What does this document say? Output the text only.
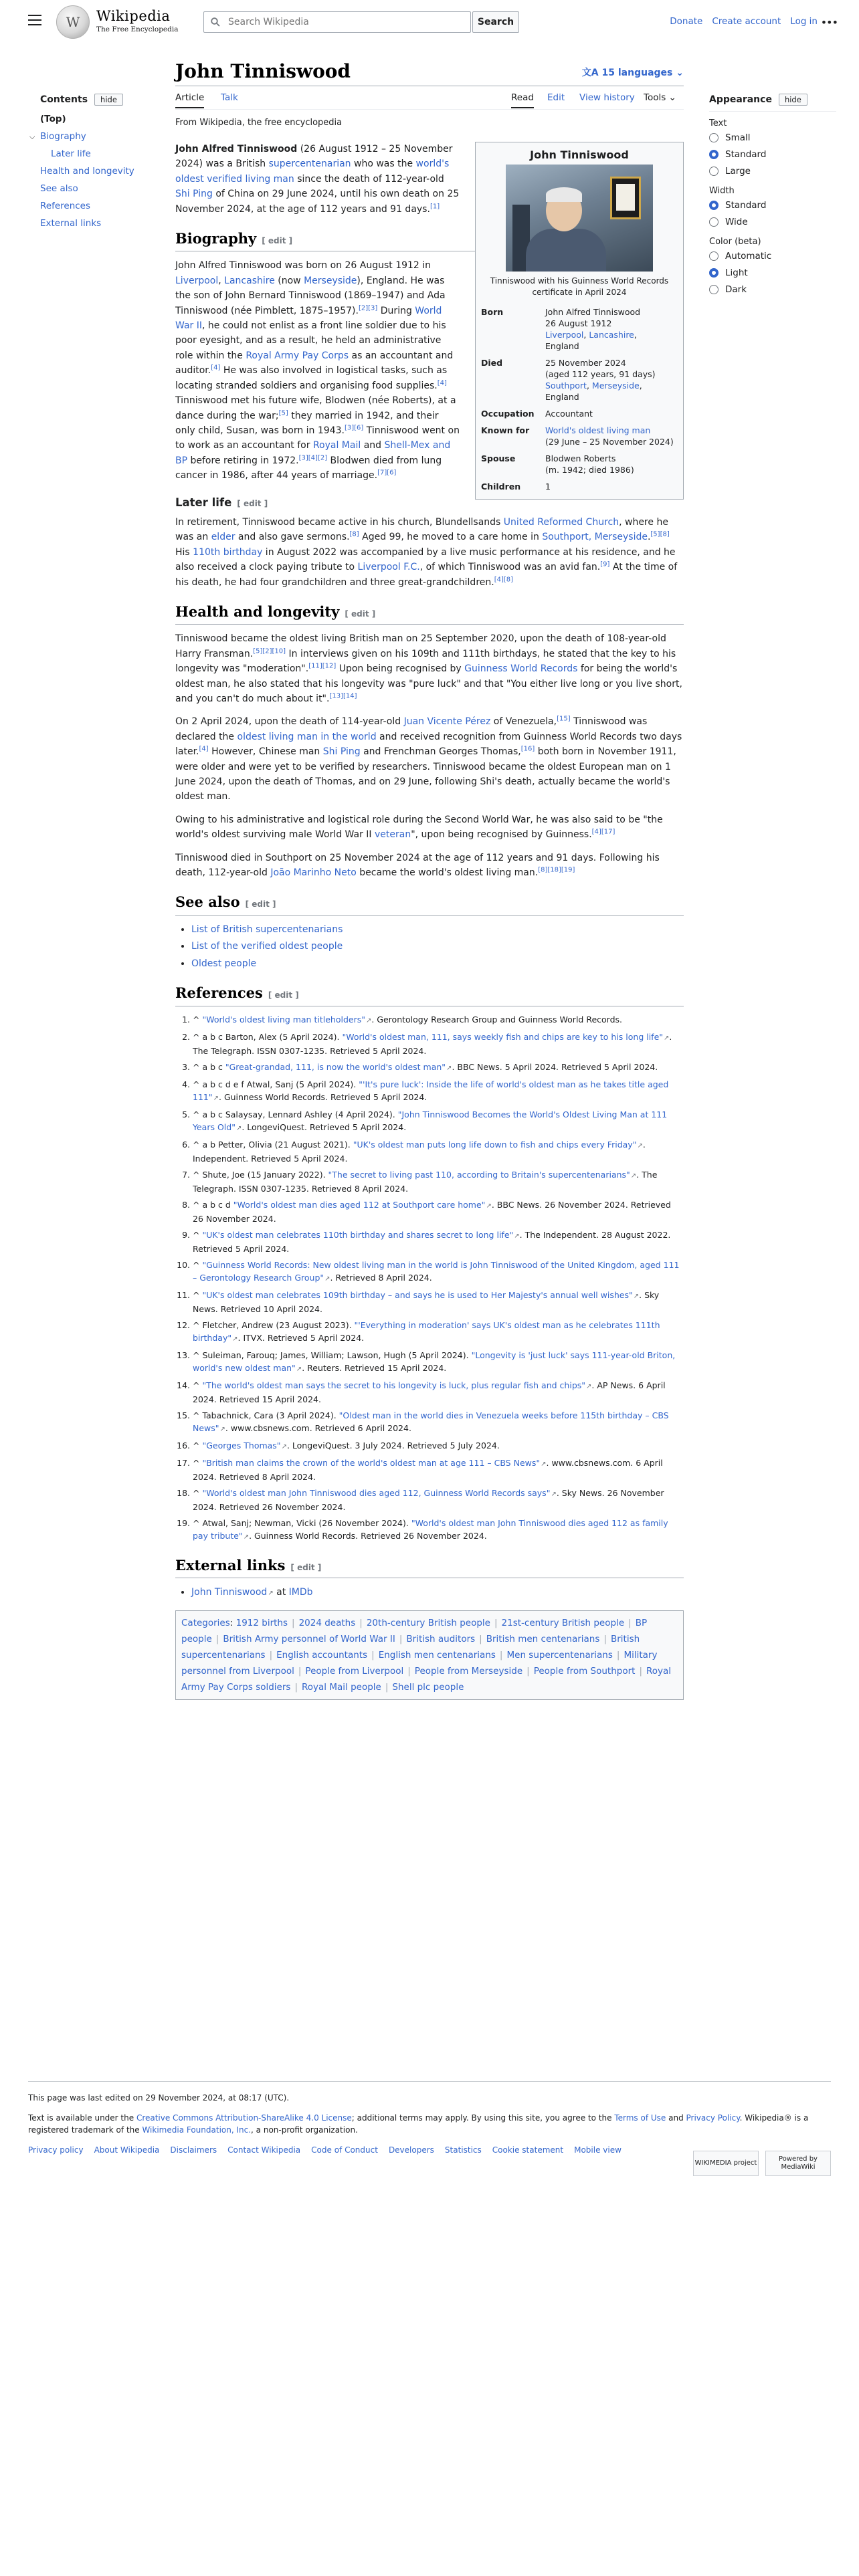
W
Wikipedia
The Free Encyclopedia
Search Wikipedia
Search	Donate Create account Log in •••
Contents	hide
(Top)
⌵ Biography
Later life
Health and longevity
See also
References
External links
John Tinniswood	文A 15 languages ⌄
Article Talk	Read Edit View history Tools ⌄
From Wikipedia, the free encyclopedia
John Tinniswood
Tinniswood with his Guinness World Records certificate in April 2024
Born	John Alfred Tinniswood
26 August 1912
Liverpool, Lancashire,
England

Died	25 November 2024
(aged 112 years, 91 days)
Southport, Merseyside,
England

Occupation	Accountant
Known for	World's oldest living man
(29 June – 25 November 2024)

Spouse	Blodwen Roberts
(m. 1942; died 1986)

Children	1

John Alfred Tinniswood (26 August 1912 – 25 November 2024) was a British supercentenarian who was the world's oldest verified living man since the death of 112-year-old Shi Ping of China on 29 June 2024, until his own death on 25 November 2024, at the age of 112 years and 91 days.[1]

Biography [ edit ]

John Alfred Tinniswood was born on 26 August 1912 in Liverpool, Lancashire (now Merseyside), England. He was the son of John Bernard Tinniswood (1869–1947) and Ada Tinniswood (née Pimblett, 1875–1957).[2][3] During World War II, he could not enlist as a front line soldier due to his poor eyesight, and as a result, he held an administrative role within the Royal Army Pay Corps as an accountant and auditor.[4] He was also involved in logistical tasks, such as locating stranded soldiers and organising food supplies.[4] Tinniswood met his future wife, Blodwen (née Roberts), at a dance during the war;[5] they married in 1942, and their only child, Susan, was born in 1943.[3][6] Tinniswood went on to work as an accountant for Royal Mail and Shell-Mex and BP before retiring in 1972.[3][4][2] Blodwen died from lung cancer in 1986, after 44 years of marriage.[7][6]

Later life [ edit ]

In retirement, Tinniswood became active in his church, Blundellsands United Reformed Church, where he was an elder and also gave sermons.[8] Aged 99, he moved to a care home in Southport, Merseyside.[5][8] His 110th birthday in August 2022 was accompanied by a live music performance at his residence, and he also received a clock paying tribute to Liverpool F.C., of which Tinniswood was an avid fan.[9] At the time of his death, he had four grandchildren and three great-grandchildren.[4][8]

Health and longevity [ edit ]

Tinniswood became the oldest living British man on 25 September 2020, upon the death of 108-year-old Harry Fransman.[5][2][10] In interviews given on his 109th and 111th birthdays, he stated that the key to his longevity was "moderation".[11][12] Upon being recognised by Guinness World Records for being the world's oldest man, he also stated that his longevity was "pure luck" and that "You either live long or you live short, and you can't do much about it".[13][14]

On 2 April 2024, upon the death of 114-year-old Juan Vicente Pérez of Venezuela,[15] Tinniswood was declared the oldest living man in the world and received recognition from Guinness World Records two days later.[4] However, Chinese man Shi Ping and Frenchman Georges Thomas,[16] both born in November 1911, were older and were yet to be verified by researchers. Tinniswood became the oldest European man on 1 June 2024, upon the death of Thomas, and on 29 June, following Shi's death, actually became the world's oldest man.

Owing to his administrative and logistical role during the Second World War, he was also said to be "the world's oldest surviving male World War II veteran", upon being recognised by Guinness.[4][17]

Tinniswood died in Southport on 25 November 2024 at the age of 112 years and 91 days. Following his death, 112-year-old João Marinho Neto became the world's oldest living man.[8][18][19]

See also [ edit ]
• List of British supercentenarians
• List of the verified oldest people
• Oldest people
References [ edit ]
1. ^ "World's oldest living man titleholders"↗. Gerontology Research Group and Guinness World Records.
2. ^ a b c Barton, Alex (5 April 2024). "World's oldest man, 111, says weekly fish and chips are key to his long life"↗. The Telegraph. ISSN 0307-1235. Retrieved 5 April 2024.
3. ^ a b c "Great-grandad, 111, is now the world's oldest man"↗. BBC News. 5 April 2024. Retrieved 5 April 2024.
4. ^ a b c d e f Atwal, Sanj (5 April 2024). "'It's pure luck': Inside the life of world's oldest man as he takes title aged 111"↗. Guinness World Records. Retrieved 5 April 2024.
5. ^ a b c Salaysay, Lennard Ashley (4 April 2024). "John Tinniswood Becomes the World's Oldest Living Man at 111 Years Old"↗. LongeviQuest. Retrieved 5 April 2024.
6. ^ a b Petter, Olivia (21 August 2021). "UK's oldest man puts long life down to fish and chips every Friday"↗. Independent. Retrieved 5 April 2024.
7. ^ Shute, Joe (15 January 2022). "The secret to living past 110, according to Britain's supercentenarians"↗. The Telegraph. ISSN 0307-1235. Retrieved 8 April 2024.
8. ^ a b c d "World's oldest man dies aged 112 at Southport care home"↗. BBC News. 26 November 2024. Retrieved 26 November 2024.
9. ^ "UK's oldest man celebrates 110th birthday and shares secret to long life"↗. The Independent. 28 August 2022. Retrieved 5 April 2024.
10. ^ "Guinness World Records: New oldest living man in the world is John Tinniswood of the United Kingdom, aged 111 – Gerontology Research Group"↗. Retrieved 8 April 2024.
11. ^ "UK's oldest man celebrates 109th birthday – and says he is used to Her Majesty's annual well wishes"↗. Sky News. Retrieved 10 April 2024.
12. ^ Fletcher, Andrew (23 August 2023). "'Everything in moderation' says UK's oldest man as he celebrates 111th birthday"↗. ITVX. Retrieved 5 April 2024.
13. ^ Suleiman, Farouq; James, William; Lawson, Hugh (5 April 2024). "Longevity is 'just luck' says 111-year-old Briton, world's new oldest man"↗. Reuters. Retrieved 15 April 2024.
14. ^ "The world's oldest man says the secret to his longevity is luck, plus regular fish and chips"↗. AP News. 6 April 2024. Retrieved 15 April 2024.
15. ^ Tabachnick, Cara (3 April 2024). "Oldest man in the world dies in Venezuela weeks before 115th birthday – CBS News"↗. www.cbsnews.com. Retrieved 6 April 2024.
16. ^ "Georges Thomas"↗. LongeviQuest. 3 July 2024. Retrieved 5 July 2024.
17. ^ "British man claims the crown of the world's oldest man at age 111 – CBS News"↗. www.cbsnews.com. 6 April 2024. Retrieved 8 April 2024.
18. ^ "World's oldest man John Tinniswood dies aged 112, Guinness World Records says"↗. Sky News. 26 November 2024. Retrieved 26 November 2024.
19. ^ Atwal, Sanj; Newman, Vicki (26 November 2024). "World's oldest man John Tinniswood dies aged 112 as family pay tribute"↗. Guinness World Records. Retrieved 26 November 2024.
External links [ edit ]
• John Tinniswood↗ at IMDb
Categories: 1912 births | 2024 deaths | 20th-century British people | 21st-century British people | BP people | British Army personnel of World War II | British auditors | British men centenarians | British supercentenarians | English accountants | English men centenarians | Men supercentenarians | Military personnel from Liverpool | People from Liverpool | People from Merseyside | People from Southport | Royal Army Pay Corps soldiers | Royal Mail people | Shell plc people
Appearance	hide
Text
Small
Standard
Large
Width
Standard
Wide
Color (beta)
Automatic
Light
Dark

This page was last edited on 29 November 2024, at 08:17 (UTC).

Text is available under the Creative Commons Attribution-ShareAlike 4.0 License; additional terms may apply. By using this site, you agree to the Terms of Use and Privacy Policy. Wikipedia® is a registered trademark of the Wikimedia Foundation, Inc., a non-profit organization.

Privacy policy About Wikipedia Disclaimers Contact Wikipedia Code of Conduct Developers Statistics Cookie statement Mobile view
WIKIMEDIA project
Powered by MediaWiki
